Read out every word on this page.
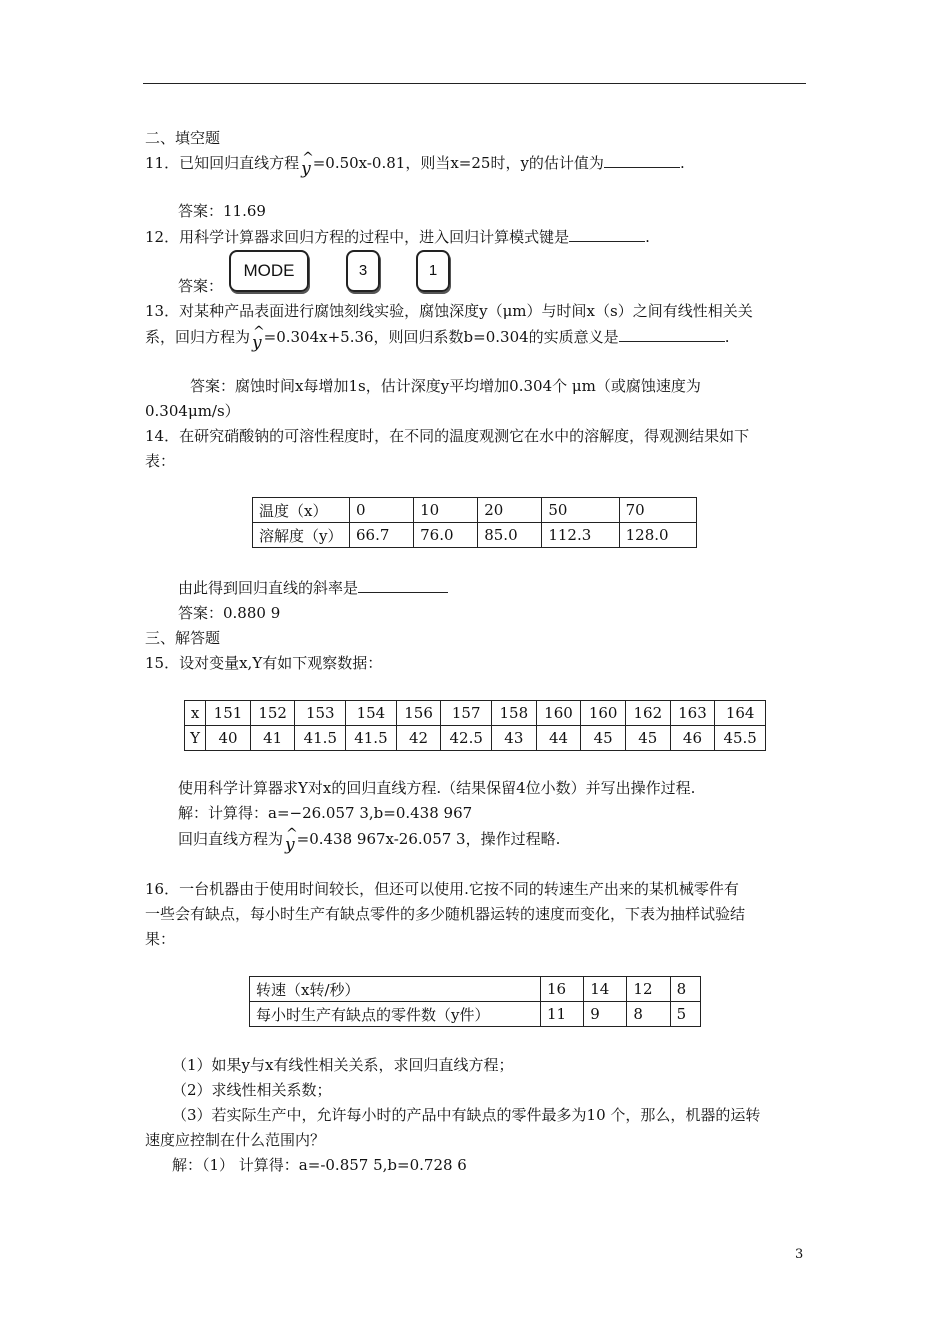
二、填空题
11．已知回归直线方程 ^ y =0.50x-0.81，则当x=25时，y的估计值为	.
答案：11.69
12．用科学计算器求回归方程的过程中，进入回归计算模式键是	.
答案：
MODE	3	1
13．对某种产品表面进行腐蚀刻线实验，腐蚀深度y（μm）与时间x（s）之间有线性相关关
系，回归方程为 ^ y =0.304x+5.36，则回归系数b=0.304的实质意义是	.
答案：腐蚀时间x每增加1s，估计深度y平均增加0.304个 μm（或腐蚀速度为
0.304μm/s）
14．在研究硝酸钠的可溶性程度时，在不同的温度观测它在水中的溶解度，得观测结果如下
表：
温度（x）	0	10	20	50	70
溶解度（y）	66.7	76.0	85.0	112.3	128.0
由此得到回归直线的斜率是
答案：0.880 9
三、解答题
15．设对变量x,Y有如下观察数据：
x	151	152	153	154	156	157	158	160	160	162	163	164
Y	40	41	41.5	41.5	42	42.5	43	44	45	45	46	45.5
使用科学计算器求Y对x的回归直线方程.（结果保留4位小数）并写出操作过程.
解：计算得：a=−26.057 3,b=0.438 967
回归直线方程为 ^ y =0.438 967x-26.057 3，操作过程略.
16．一台机器由于使用时间较长，但还可以使用.它按不同的转速生产出来的某机械零件有
一些会有缺点，每小时生产有缺点零件的多少随机器运转的速度而变化，下表为抽样试验结
果：
转速（x转/秒）	16	14	12	8
每小时生产有缺点的零件数（y件）	11	9	8	5
（1）如果y与x有线性相关关系，求回归直线方程；
（2）求线性相关系数；
（3）若实际生产中，允许每小时的产品中有缺点的零件最多为10 个，那么，机器的运转
速度应控制在什么范围内？
解：（1） 计算得：a=-0.857 5,b=0.728 6
3
